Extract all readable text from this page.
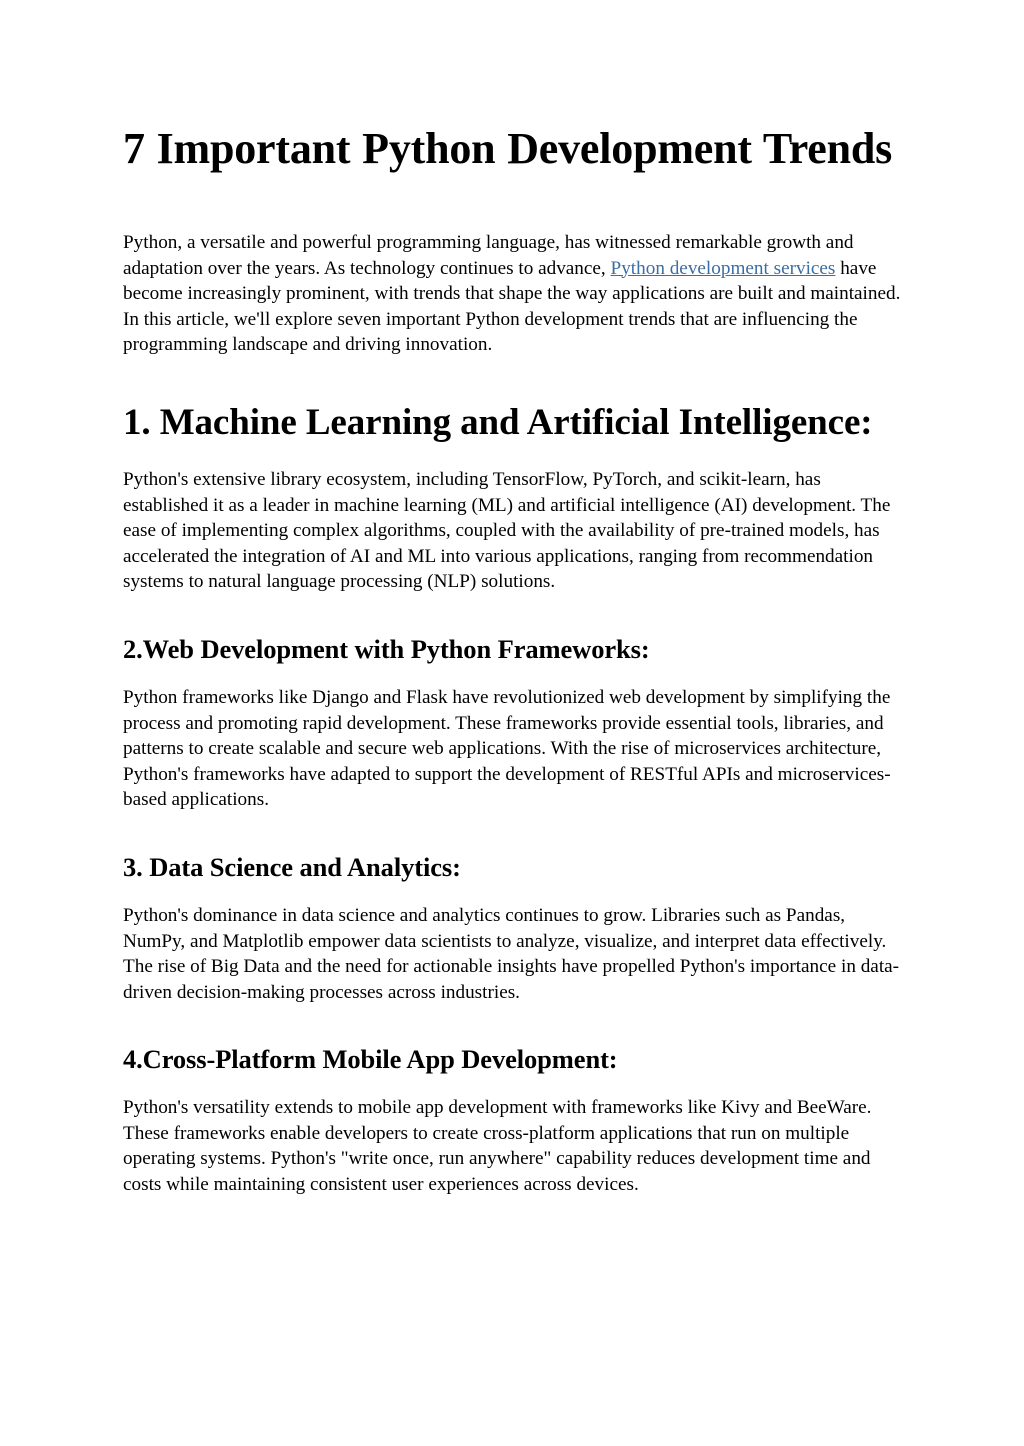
7 Important Python Development Trends

Python, a versatile and powerful programming language, has witnessed remarkable growth and adaptation over the years. As technology continues to advance, Python development services have become increasingly prominent, with trends that shape the way applications are built and maintained. In this article, we'll explore seven important Python development trends that are influencing the programming landscape and driving innovation.

1. Machine Learning and Artificial Intelligence:

Python's extensive library ecosystem, including TensorFlow, PyTorch, and scikit-learn, has established it as a leader in machine learning (ML) and artificial intelligence (AI) development. The ease of implementing complex algorithms, coupled with the availability of pre-trained models, has accelerated the integration of AI and ML into various applications, ranging from recommendation systems to natural language processing (NLP) solutions.

2.Web Development with Python Frameworks:

Python frameworks like Django and Flask have revolutionized web development by simplifying the process and promoting rapid development. These frameworks provide essential tools, libraries, and patterns to create scalable and secure web applications. With the rise of microservices architecture, Python's frameworks have adapted to support the development of RESTful APIs and microservices-based applications.

3. Data Science and Analytics:

Python's dominance in data science and analytics continues to grow. Libraries such as Pandas, NumPy, and Matplotlib empower data scientists to analyze, visualize, and interpret data effectively. The rise of Big Data and the need for actionable insights have propelled Python's importance in data-driven decision-making processes across industries.

4.Cross-Platform Mobile App Development:

Python's versatility extends to mobile app development with frameworks like Kivy and BeeWare. These frameworks enable developers to create cross-platform applications that run on multiple operating systems. Python's "write once, run anywhere" capability reduces development time and costs while maintaining consistent user experiences across devices.
